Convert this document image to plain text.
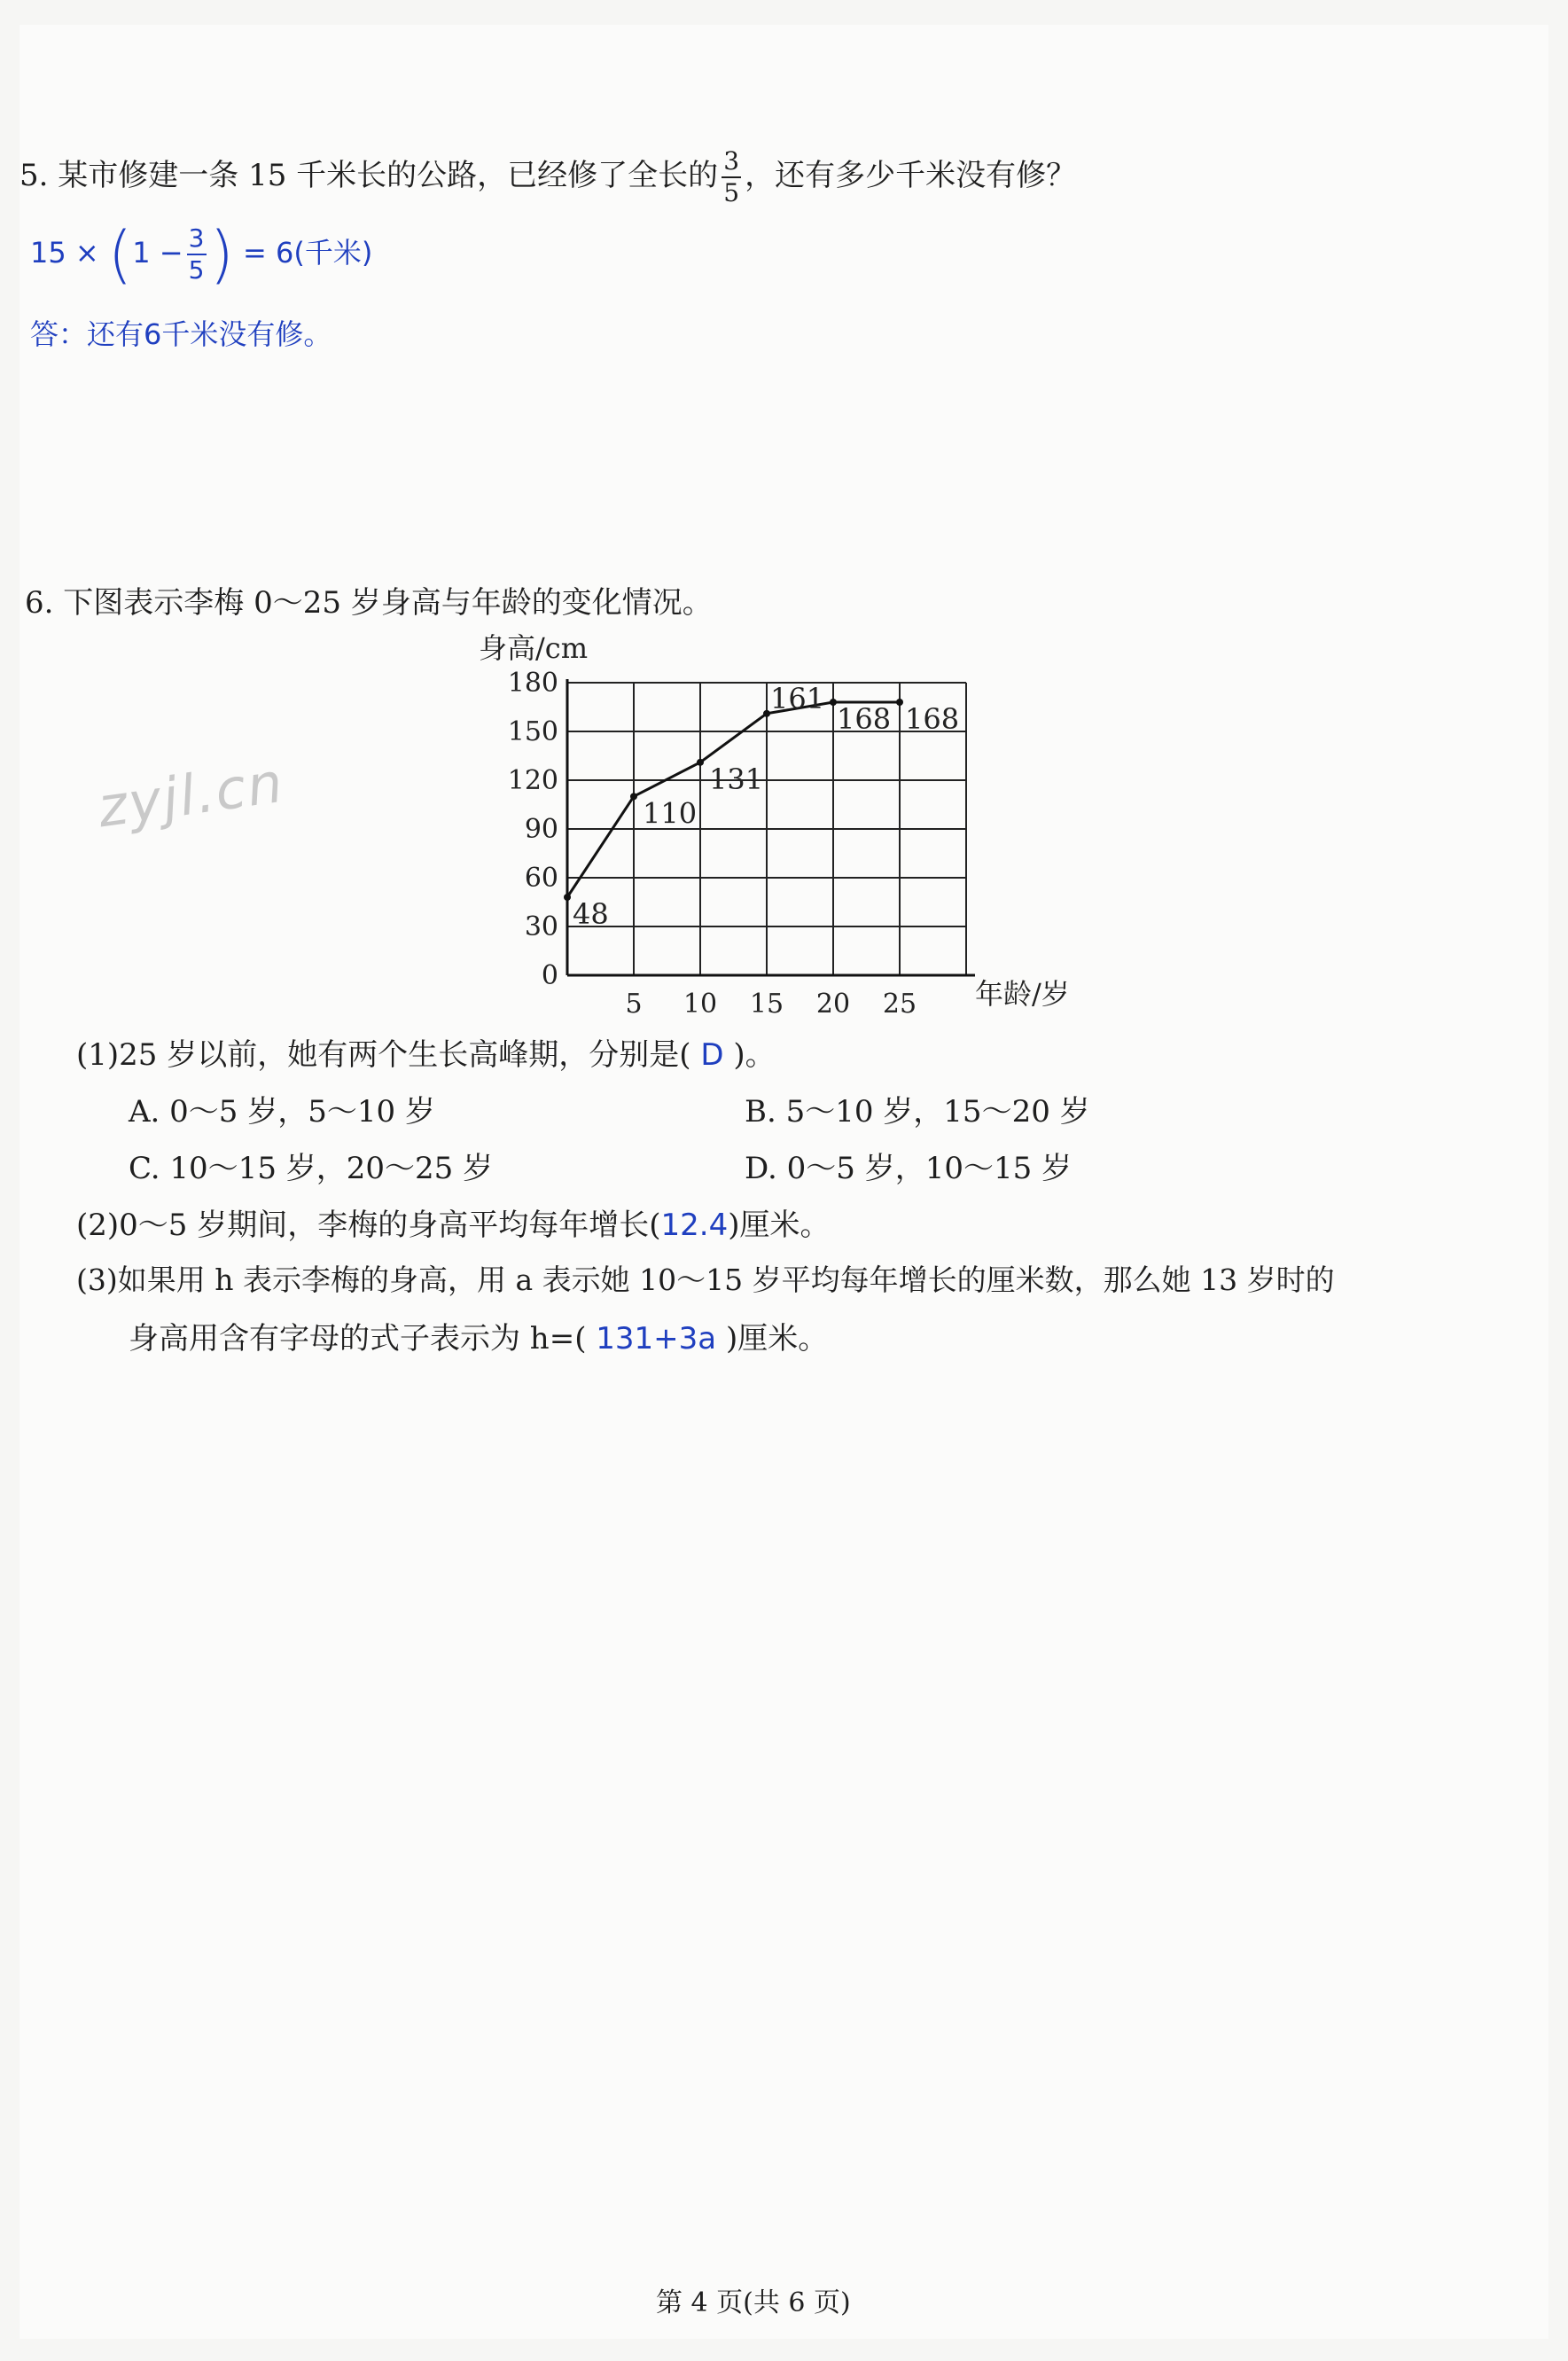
5. 某市修建一条 15 千米长的公路，已经修了全长的 $\frac{3}{5}$ ，还有多少千米没有修？
$15 \times (1 - \frac{3}{5}$ ) = 6(千米)
答：还有6千米没有修。
6. 下图表示李梅 0～25 岁身高与年龄的变化情况。
zyjl.cn
0
30
60
90
120
150
180
5 10 15 20 25
身高/cm
年龄/岁
48
110
131
161
168 168
(1)25 岁以前，她有两个生长高峰期，分别是( D )。
A. 0～5 岁，5～10 岁	B. 5～10 岁，15～20 岁
C. 10～15 岁，20～25 岁	D. 0～5 岁，10～15 岁
(2)0～5 岁期间，李梅的身高平均每年增长(12.4)厘米。
(3)如果用 h 表示李梅的身高，用 a 表示她 10～15 岁平均每年增长的厘米数，那么她 13 岁时的
身高用含有字母的式子表示为 h=( 131+3a )厘米。
第 4 页(共 6 页)
